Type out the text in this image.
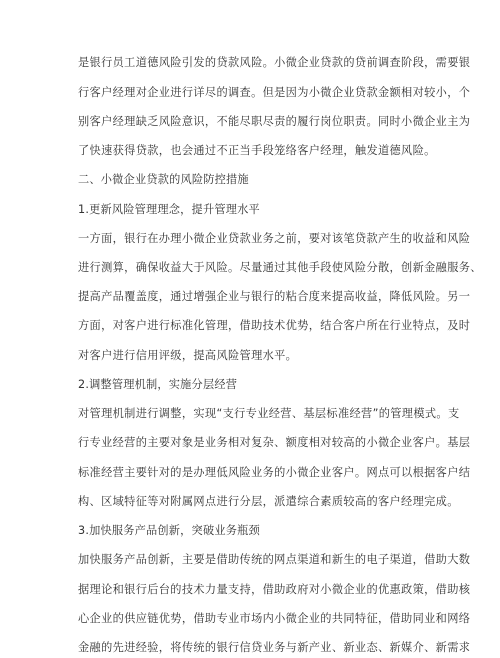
是银行员工道德风险引发的贷款风险。小微企业贷款的贷前调查阶段，需要银
行客户经理对企业进行详尽的调查。但是因为小微企业贷款金额相对较小，个
别客户经理缺乏风险意识，不能尽职尽责的履行岗位职责。同时小微企业主为
了快速获得贷款，也会通过不正当手段笼络客户经理，触发道德风险。
二、小微企业贷款的风险防控措施
1.更新风险管理理念，提升管理水平
一方面，银行在办理小微企业贷款业务之前，要对该笔贷款产生的收益和风险
进行测算，确保收益大于风险。尽量通过其他手段使风险分散，创新金融服务、
提高产品覆盖度，通过增强企业与银行的粘合度来提高收益，降低风险。另一
方面，对客户进行标准化管理，借助技术优势，结合客户所在行业特点，及时
对客户进行信用评级，提高风险管理水平。
2.调整管理机制，实施分层经营
对管理机制进行调整，实现“支行专业经营、基层标准经营”的管理模式。支
行专业经营的主要对象是业务相对复杂、额度相对较高的小微企业客户。基层
标准经营主要针对的是办理低风险业务的小微企业客户。网点可以根据客户结
构、区域特征等对附属网点进行分层，派遣综合素质较高的客户经理完成。
3.加快服务产品创新，突破业务瓶颈
加快服务产品创新，主要是借助传统的网点渠道和新生的电子渠道，借助大数
据理论和银行后台的技术力量支持，借助政府对小微企业的优惠政策，借助核
心企业的供应链优势，借助专业市场内小微企业的共同特征，借助同业和网络
金融的先进经验，将传统的银行信贷业务与新产业、新业态、新媒介、新需求
